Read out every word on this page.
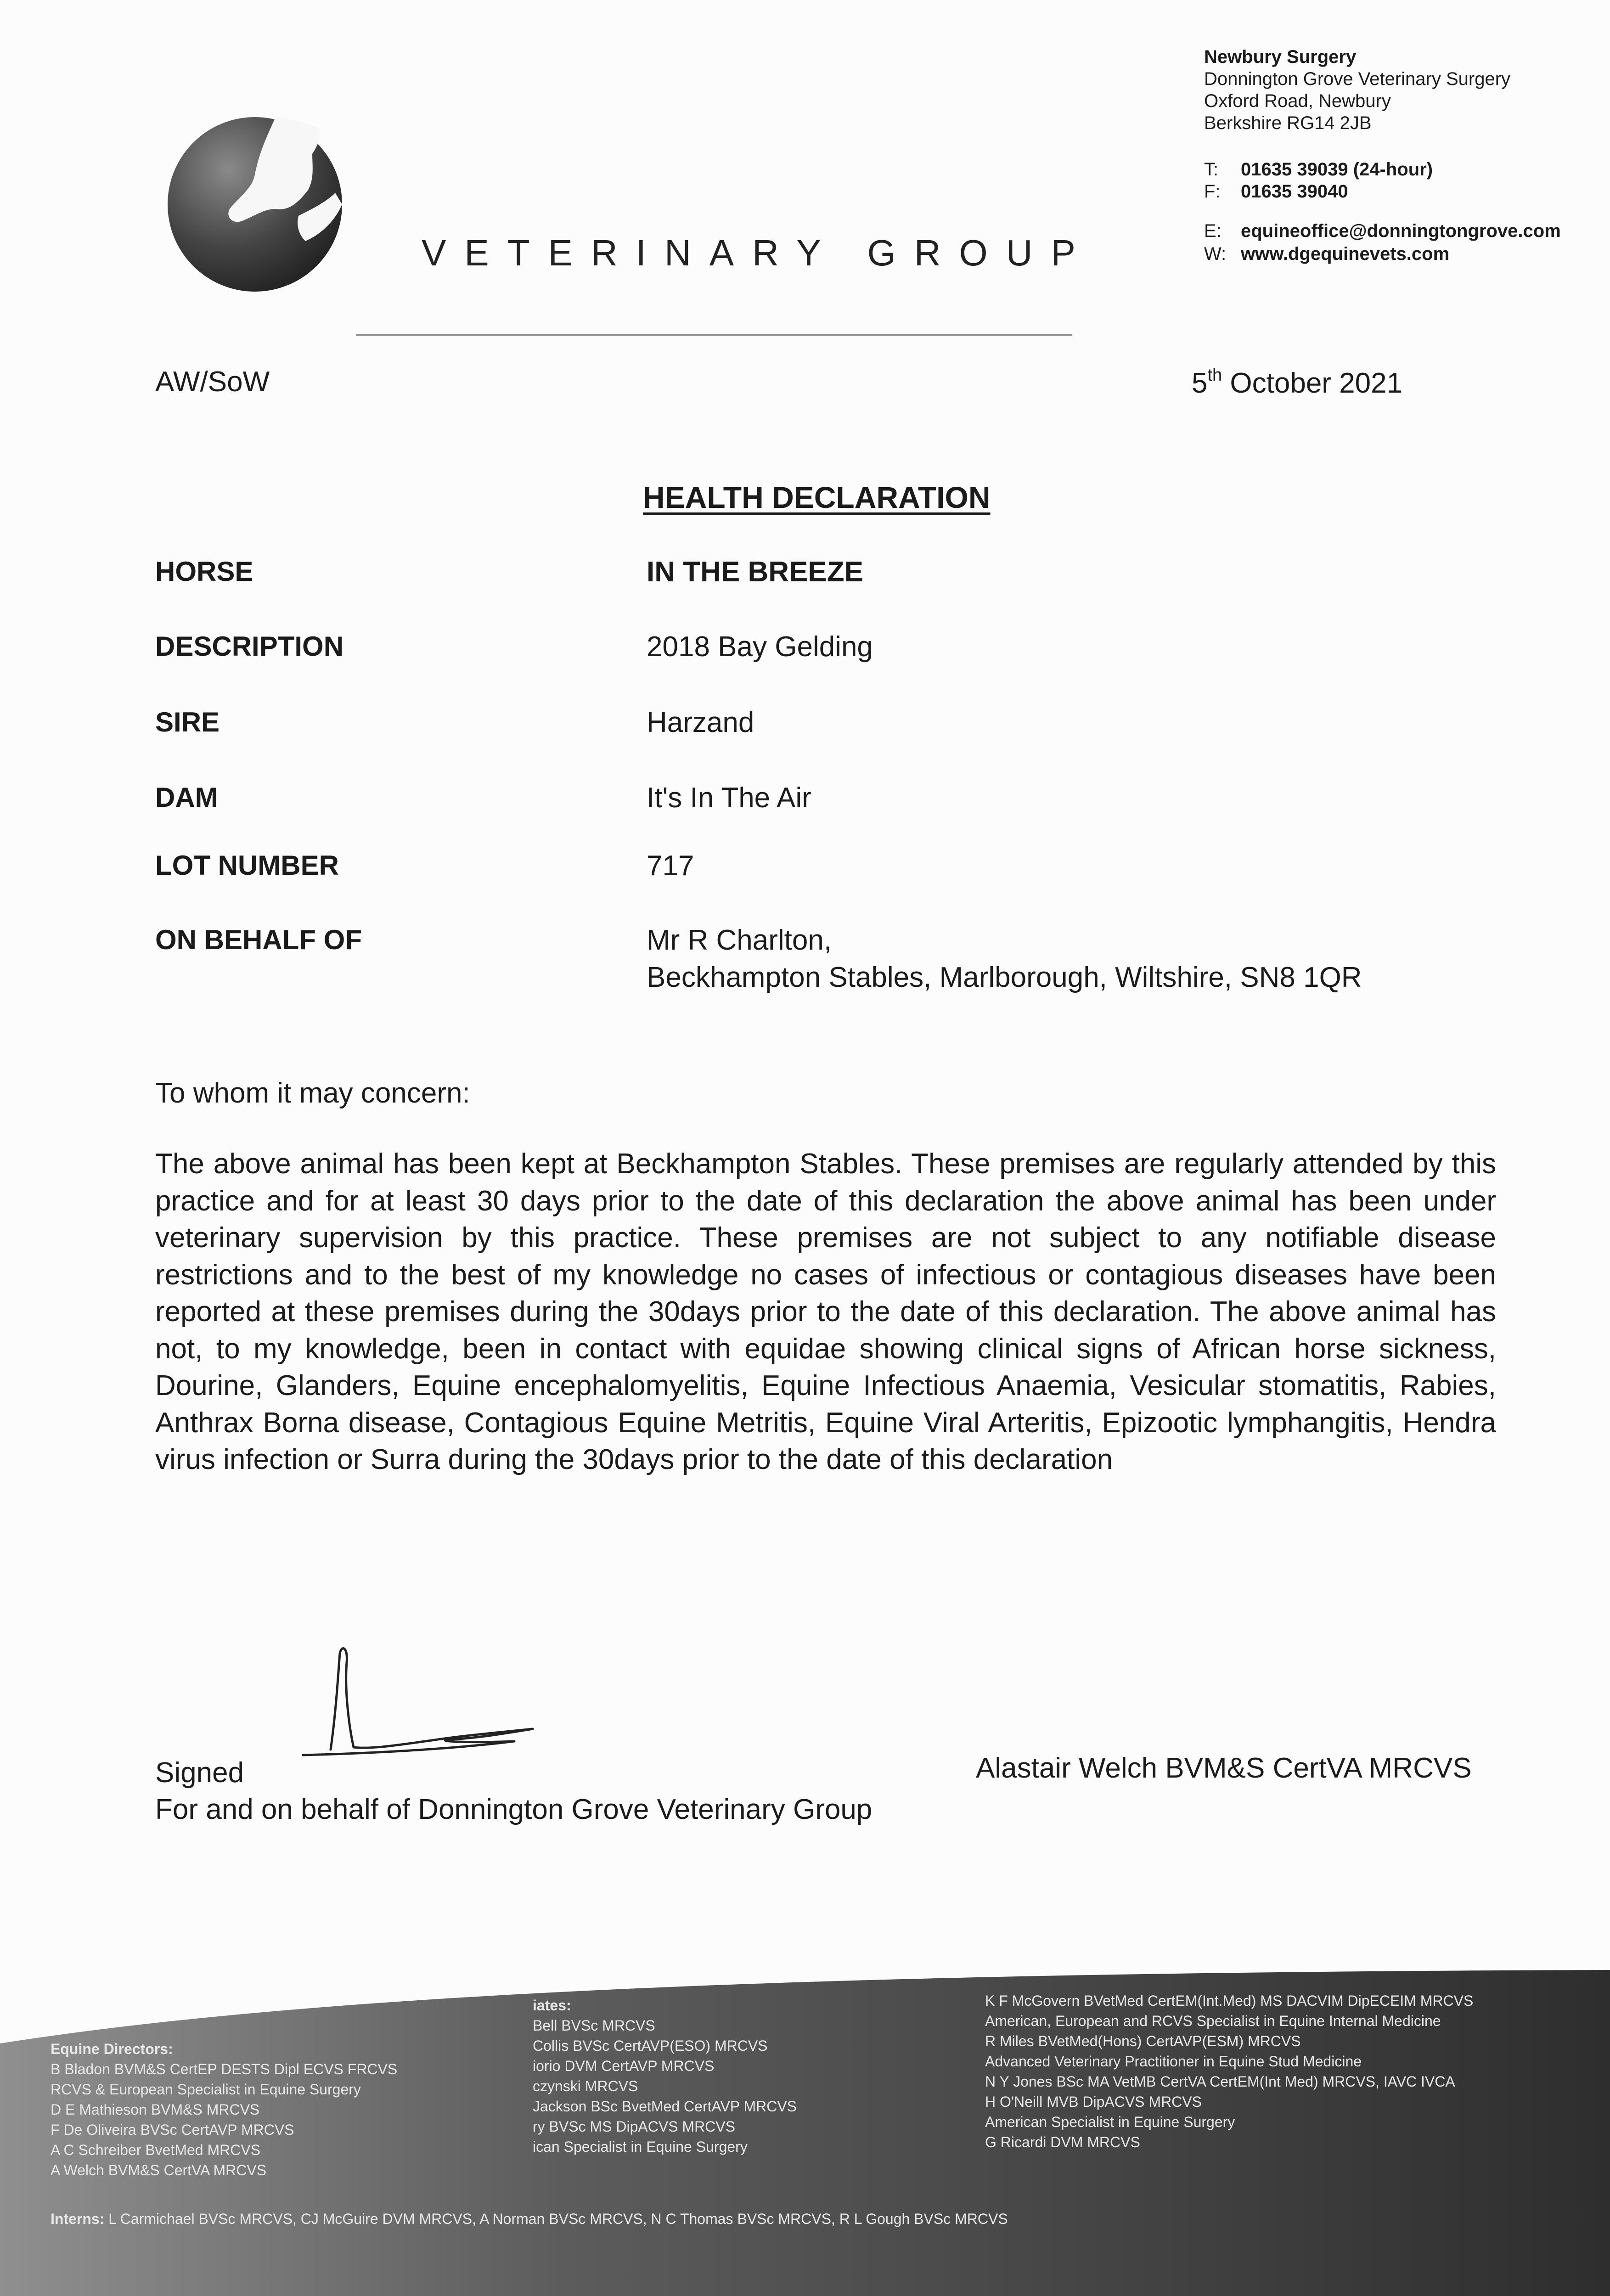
VETERINARY GROUP
Newbury Surgery
Donnington Grove Veterinary Surgery
Oxford Road, Newbury
Berkshire RG14 2JB
T: 01635 39039 (24-hour)
F: 01635 39040
E: equineoffice@donningtongrove.com
W: www.dgequinevets.com
AW/SoW	5th October 2021
HEALTH DECLARATION
HORSE	IN THE BREEZE
DESCRIPTION	2018 Bay Gelding
SIRE	Harzand
DAM	It's In The Air
LOT NUMBER	717
ON BEHALF OF	Mr R Charlton,
Beckhampton Stables, Marlborough, Wiltshire, SN8 1QR
To whom it may concern:
The above animal has been kept at Beckhampton Stables. These premises are regularly attended by this practice and for at least 30 days prior to the date of this declaration the above animal has been under veterinary supervision by this practice. These premises are not subject to any notifiable disease restrictions and to the best of my knowledge no cases of infectious or contagious diseases have been reported at these premises during the 30days prior to the date of this declaration. The above animal has not, to my knowledge, been in contact with equidae showing clinical signs of African horse sickness, Dourine, Glanders, Equine encephalomyelitis, Equine Infectious Anaemia, Vesicular stomatitis, Rabies, Anthrax Borna disease, Contagious Equine Metritis, Equine Viral Arteritis, Epizootic lymphangitis, Hendra virus infection or Surra during the 30days prior to the date of this declaration
Signed	Alastair Welch BVM&S CertVA MRCVS
For and on behalf of Donnington Grove Veterinary Group
Equine Directors:
B Bladon BVM&S CertEP DESTS Dipl ECVS FRCVS
RCVS & European Specialist in Equine Surgery
D E Mathieson BVM&S MRCVS
F De Oliveira BVSc CertAVP MRCVS
A C Schreiber BvetMed MRCVS
A Welch BVM&S CertVA MRCVS
iates:
Bell BVSc MRCVS
Collis BVSc CertAVP(ESO) MRCVS
iorio DVM CertAVP MRCVS
czynski MRCVS
Jackson BSc BvetMed CertAVP MRCVS
ry BVSc MS DipACVS MRCVS
ican Specialist in Equine Surgery
K F McGovern BVetMed CertEM(Int.Med) MS DACVIM DipECEIM MRCVS
American, European and RCVS Specialist in Equine Internal Medicine
R Miles BVetMed(Hons) CertAVP(ESM) MRCVS
Advanced Veterinary Practitioner in Equine Stud Medicine
N Y Jones BSc MA VetMB CertVA CertEM(Int Med) MRCVS, IAVC IVCA
H O'Neill MVB DipACVS MRCVS
American Specialist in Equine Surgery
G Ricardi DVM MRCVS
Interns: L Carmichael BVSc MRCVS, CJ McGuire DVM MRCVS, A Norman BVSc MRCVS, N C Thomas BVSc MRCVS, R L Gough BVSc MRCVS
